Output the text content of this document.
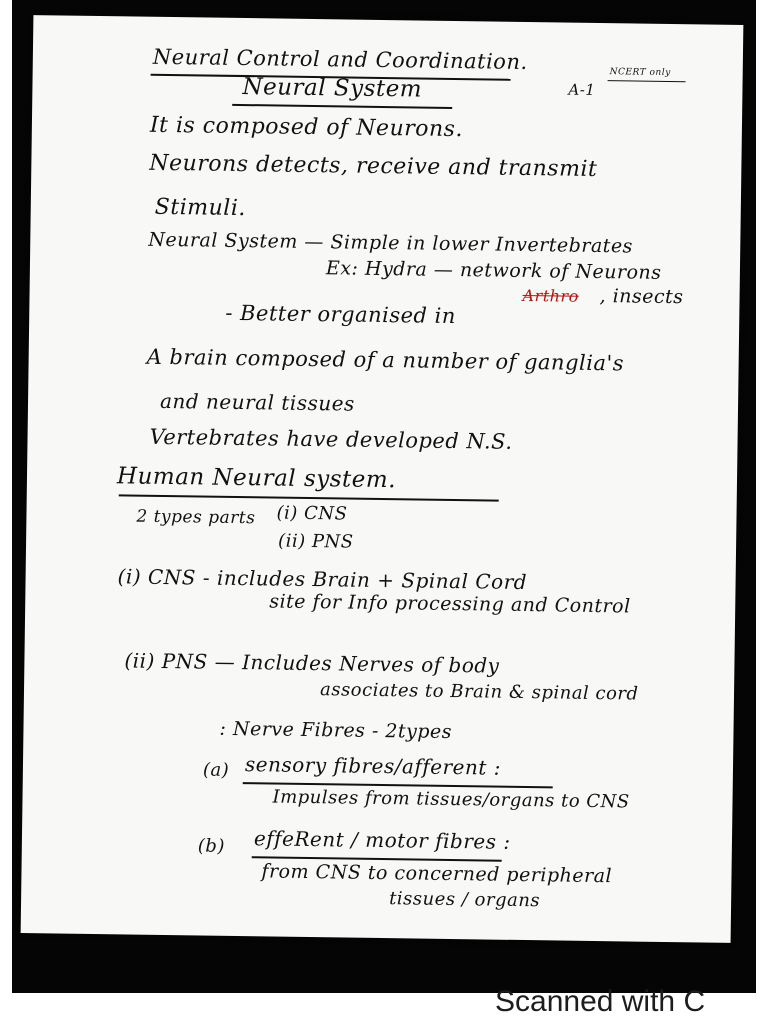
Neural Control and Coordination.
Neural System	A-1
NCERT only
It is composed of Neurons.
Neurons detects, receive and transmit
Stimuli.
Neural System — Simple in lower Invertebrates
Ex: Hydra — network of Neurons
- Better organised in
Arthro , insects
A brain composed of a number of ganglia's
and neural tissues
Vertebrates have developed N.S.
Human Neural system.
2 types parts (i) CNS
(ii) PNS
(i) CNS - includes Brain + Spinal Cord
site for Info processing and Control
(ii) PNS — Includes Nerves of body
associates to Brain & spinal cord
: Nerve Fibres - 2types
(a) sensory fibres/afferent :
Impulses from tissues/organs to CNS
(b) effeRent / motor fibres :
from CNS to concerned peripheral
tissues / organs
Scanned with C
